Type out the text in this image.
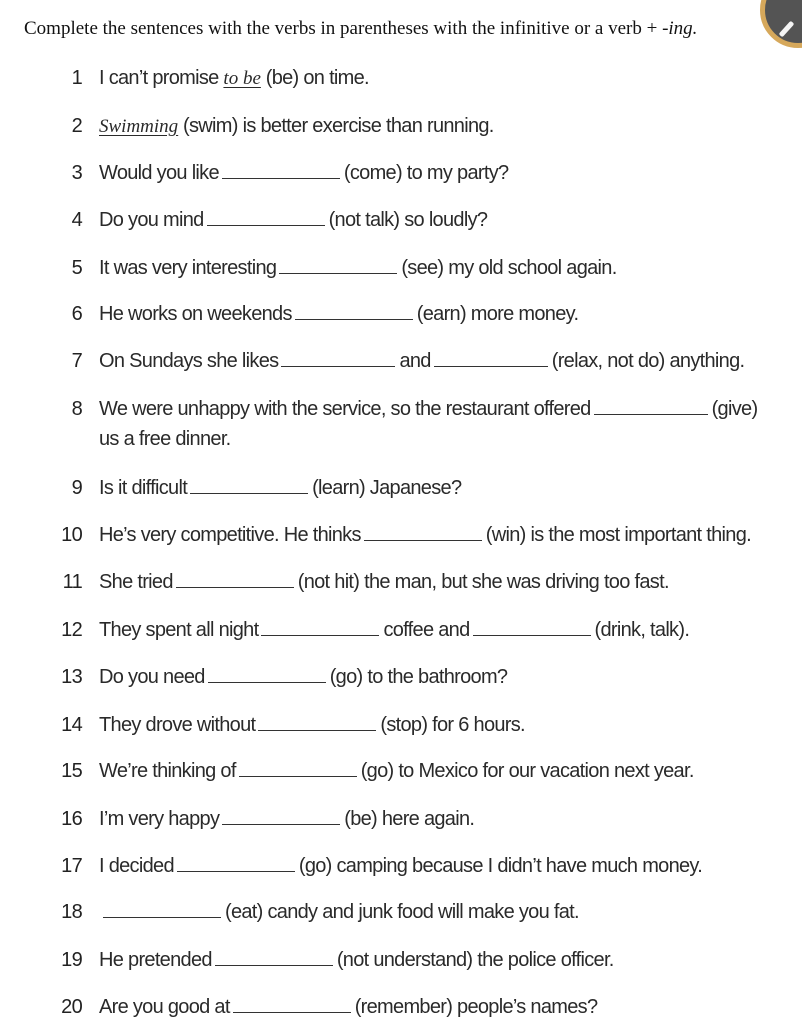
Complete the sentences with the verbs in parentheses with the infinitive or a verb + -ing.
1 I can’t promise to be (be) on time.
2 Swimming (swim) is better exercise than running.
3 Would you like	(come) to my party?
4 Do you mind	(not talk) so loudly?
5 It was very interesting	(see) my old school again.
6 He works on weekends	(earn) more money.
7 On Sundays she likes	and	(relax, not do) anything.
8 We were unhappy with the service, so the restaurant offered	(give)
us a free dinner.
9 Is it difficult	(learn) Japanese?
10 He’s very competitive. He thinks	(win) is the most important thing.
11 She tried	(not hit) the man, but she was driving too fast.
12 They spent all night	coffee and	(drink, talk).
13 Do you need	(go) to the bathroom?
14 They drove without	(stop) for 6 hours.
15 We’re thinking of	(go) to Mexico for our vacation next year.
16 I’m very happy	(be) here again.
17 I decided	(go) camping because I didn’t have much money.
18	(eat) candy and junk food will make you fat.
19 He pretended	(not understand) the police officer.
20 Are you good at	(remember) people’s names?
